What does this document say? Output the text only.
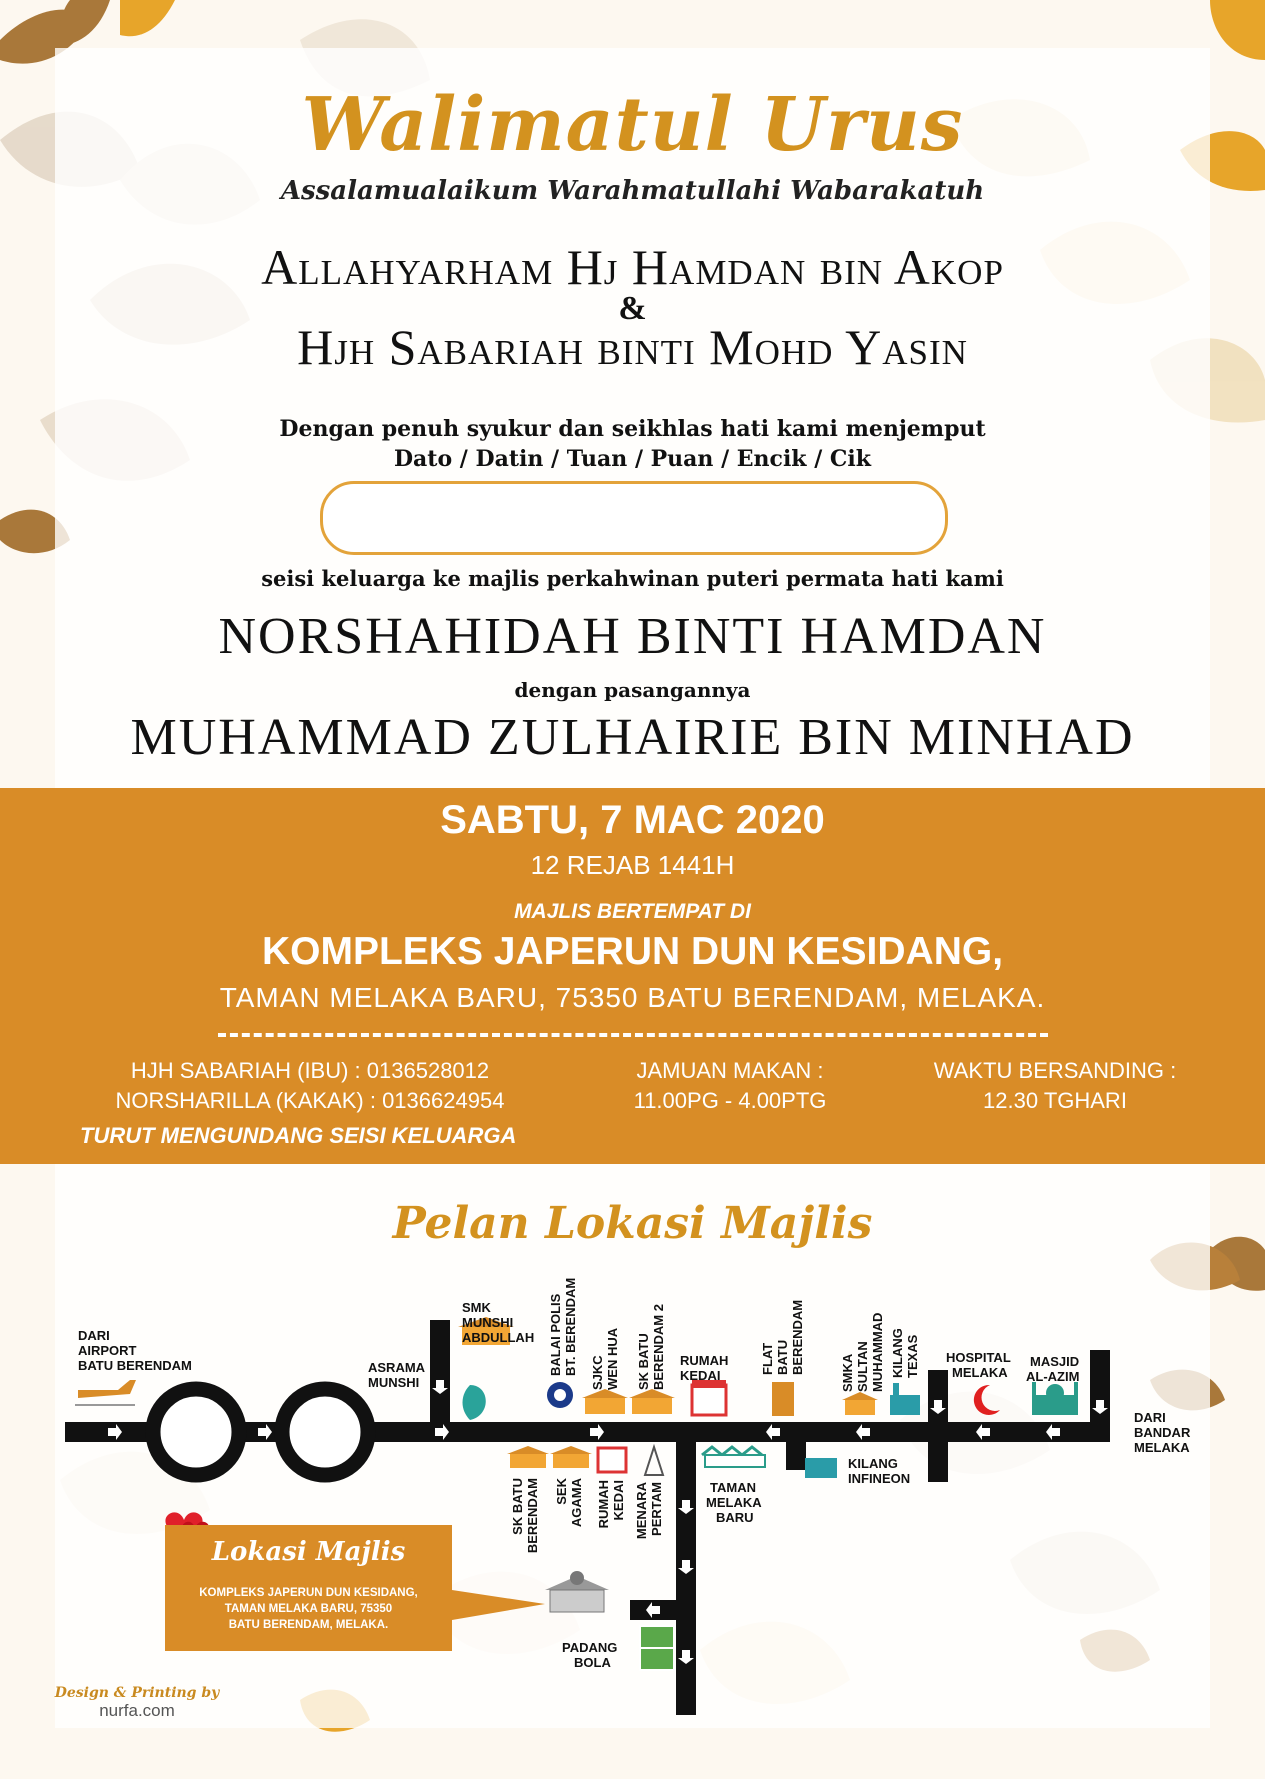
Walimatul Urus
Assalamualaikum Warahmatullahi Wabarakatuh
Allahyarham Hj Hamdan bin Akop
&
Hjh Sabariah binti Mohd Yasin
Dengan penuh syukur dan seikhlas hati kami menjemput
Dato / Datin / Tuan / Puan / Encik / Cik
seisi keluarga ke majlis perkahwinan puteri permata hati kami
NORSHAHIDAH BINTI HAMDAN
dengan pasangannya
MUHAMMAD ZULHAIRIE BIN MINHAD
SABTU, 7 MAC 2020
12 REJAB 1441H
MAJLIS BERTEMPAT DI
KOMPLEKS JAPERUN DUN KESIDANG,
TAMAN MELAKA BARU, 75350 BATU BERENDAM, MELAKA.
HJH SABARIAH (IBU) : 0136528012
NORSHARILLA (KAKAK) : 0136624954
JAMUAN MAKAN :
11.00PG - 4.00PTG
WAKTU BERSANDING :
12.30 TGHARI
TURUT MENGUNDANG SEISI KELUARGA
Pelan Lokasi Majlis
DARI AIRPORT BATU BERENDAM	ASRAMA MUNSHI
SMK MUNSHI ABDULLAH BALAI POLISBT. BERENDAM SJKCWEN HUA SK BATUBERENDAM 2 RUMAH KEDAI
FLATBATUBERENDAM	SMKASULTANMUHAMMAD KILANGTEXAS HOSPITAL MELAKA
MASJID AL-AZIM
DARI BANDAR MELAKA
SK BATUBERENDAM SEKAGAMA RUMAHKEDAI MENARAPERTAM	TAMAN MELAKA BARU
KILANG INFINEON
PADANG BOLA
Lokasi Majlis
KOMPLEKS JAPERUN DUN KESIDANG,
TAMAN MELAKA BARU, 75350
BATU BERENDAM, MELAKA.
Design & Printing by
nurfa.com
